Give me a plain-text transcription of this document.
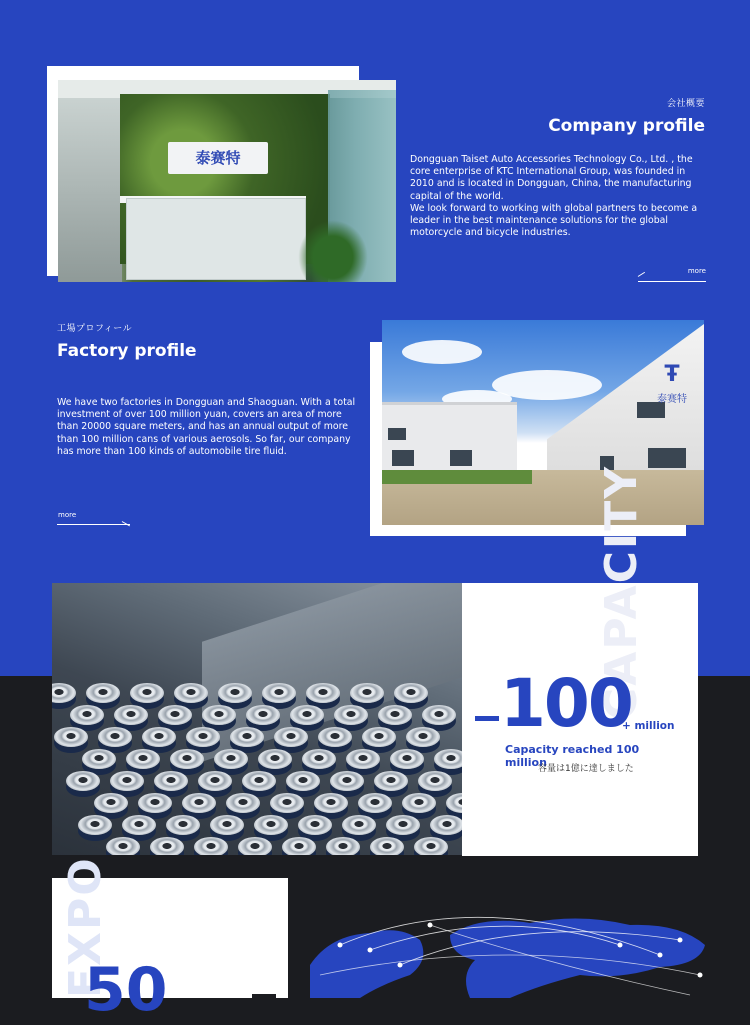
泰赛特
会社概要
Company profile
Dongguan Taiset Auto Accessories Technology Co., Ltd. , the core enterprise of KTC International Group, was founded in 2010 and is located in Dongguan, China, the manufacturing capital of the world.
We look forward to working with global partners to become a leader in the best maintenance solutions for the global motorcycle and bicycle industries.
more
工場プロフィール
Factory profile
We have two factories in Dongguan and Shaoguan. With a total investment of over 100 million yuan, covers an area of more than 20000 square meters, and has an annual output of more than 100 million cans of various aerosols. So far, our company has more than 100 kinds of automobile tire fluid.
more
Ŧ
泰赛特
CAPACITY
100
+ million
Capacity reached 100 million
容量は1億に達しました
EXPO
50
